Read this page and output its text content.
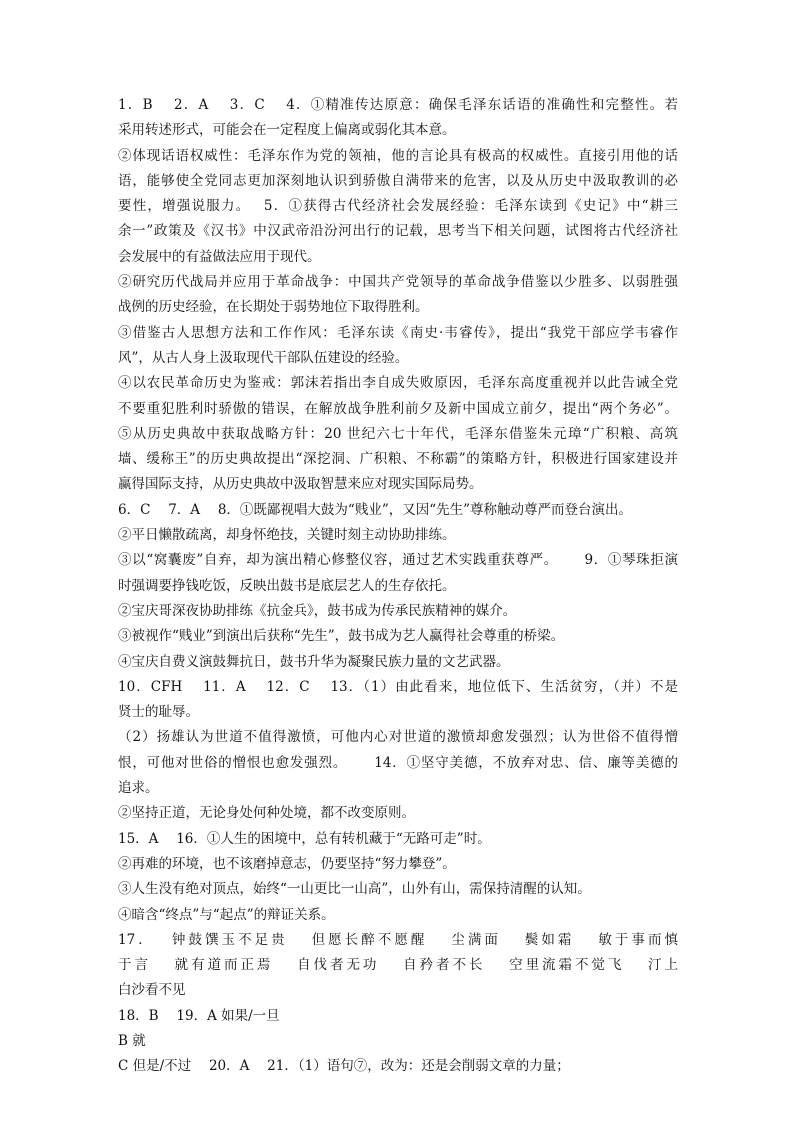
1．B　 2．A　 3．C　 4．①精准传达原意：确保毛泽东话语的准确性和完整性。若

采用转述形式，可能会在一定程度上偏离或弱化其本意。

②体现话语权威性：毛泽东作为党的领袖，他的言论具有极高的权威性。直接引用他的话

语，能够使全党同志更加深刻地认识到骄傲自满带来的危害，以及从历史中汲取教训的必

要性，增强说服力。　 5．①获得古代经济社会发展经验：毛泽东读到《史记》中“耕三

余一”政策及《汉书》中汉武帝沿汾河出行的记载，思考当下相关问题，试图将古代经济社

会发展中的有益做法应用于现代。

②研究历代战局并应用于革命战争：中国共产党领导的革命战争借鉴以少胜多、以弱胜强

战例的历史经验，在长期处于弱势地位下取得胜利。

③借鉴古人思想方法和工作作风：毛泽东读《南史·韦睿传》，提出“我党干部应学韦睿作

风”，从古人身上汲取现代干部队伍建设的经验。

④以农民革命历史为鉴戒：郭沫若指出李自成失败原因，毛泽东高度重视并以此告诫全党

不要重犯胜利时骄傲的错误，在解放战争胜利前夕及新中国成立前夕，提出“两个务必”。

⑤从历史典故中获取战略方针：20 世纪六七十年代，毛泽东借鉴朱元璋“广积粮、高筑

墙、缓称王”的历史典故提出“深挖洞、广积粮、不称霸”的策略方针，积极进行国家建设并

赢得国际支持，从历史典故中汲取智慧来应对现实国际局势。

6．C　 7．A　 8．①既鄙视唱大鼓为“贱业”，又因“先生”尊称触动尊严而登台演出。

②平日懒散疏离，却身怀绝技，关键时刻主动协助排练。

③以“窝囊废”自弃，却为演出精心修整仪容，通过艺术实践重获尊严。　　 9．①琴珠拒演

时强调要挣钱吃饭，反映出鼓书是底层艺人的生存依托。

②宝庆哥深夜协助排练《抗金兵》，鼓书成为传承民族精神的媒介。

③被视作“贱业”到演出后获称“先生”，鼓书成为艺人赢得社会尊重的桥梁。

④宝庆自费义演鼓舞抗日，鼓书升华为凝聚民族力量的文艺武器。

10．CFH　 11．A　 12．C　 13．（1）由此看来，地位低下、生活贫穷，（并）不是

贤士的耻辱。

（2）扬雄认为世道不值得激愤，可他内心对世道的激愤却愈发强烈；认为世俗不值得憎

恨，可他对世俗的憎恨也愈发强烈。　　 14．①坚守美德，不放弃对忠、信、廉等美德的

追求。

②坚持正道，无论身处何种处境，都不改变原则。

15．A　 16．①人生的困境中，总有转机藏于“无路可走”时。

②再难的环境，也不该磨掉意志，仍要坚持“努力攀登”。

③人生没有绝对顶点，始终“一山更比一山高”，山外有山，需保持清醒的认知。

④暗含“终点”与“起点”的辩证关系。

17．　 钟鼓馔玉不足贵　 但愿长醉不愿醒　 尘满面　 鬓如霜　 敏于事而慎

于言　 就有道而正焉　 自伐者无功　 自矜者不长　 空里流霜不觉飞　 汀上

白沙看不见

18．B　 19．A 如果/一旦

B 就

C 但是/不过　 20．A　 21．（1）语句⑦，改为：还是会削弱文章的力量；
